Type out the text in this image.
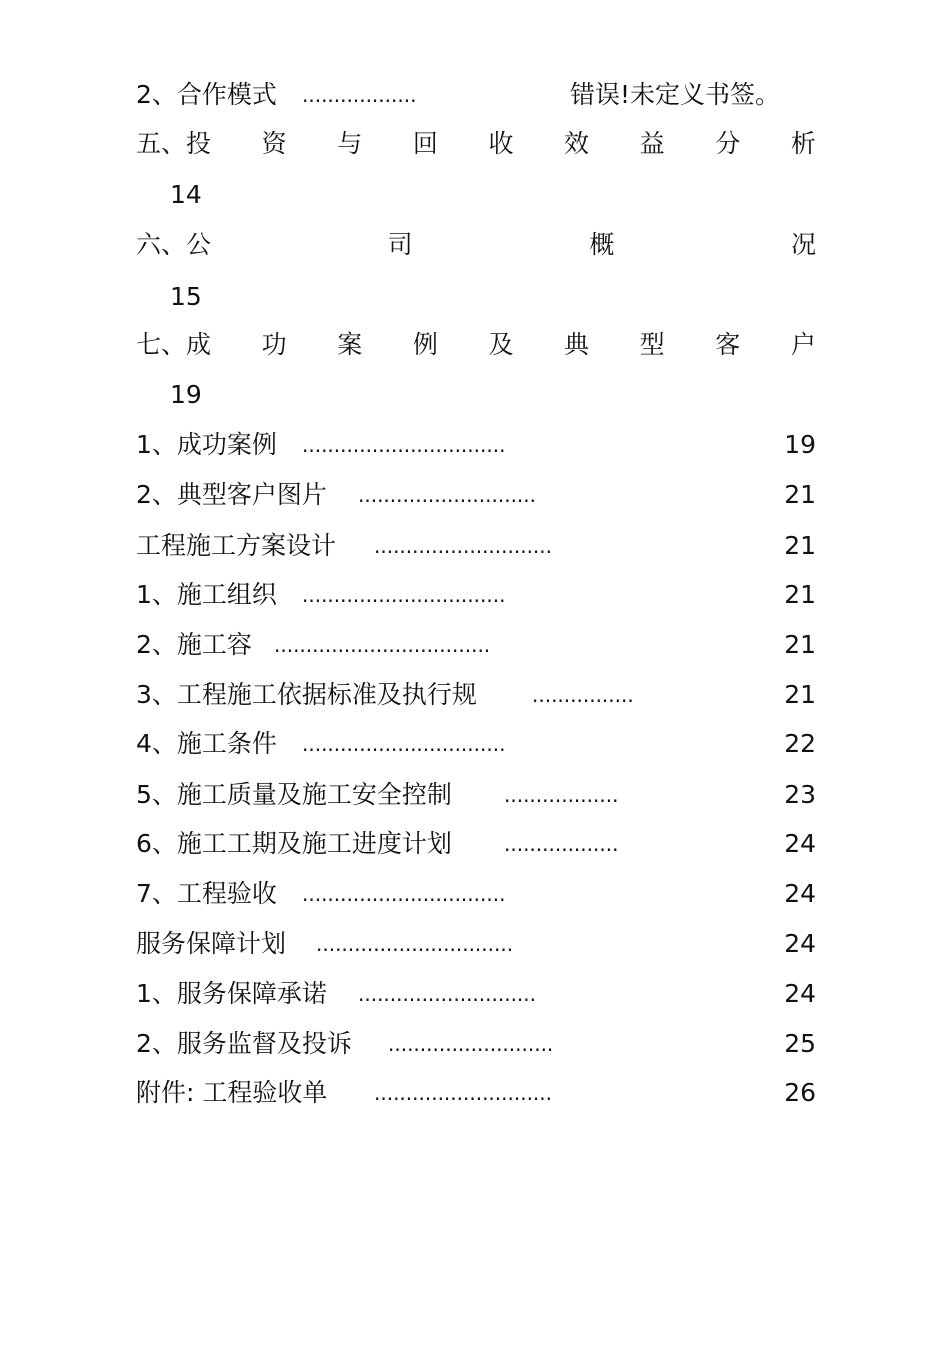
2、合作模式 ..................	错误!未定义书签。
五、投 资 与 回 收 效 益 分 析
14
六、公	司	概	况
15
七、成 功 案 例 及 典 型 客 户
19
1、成功案例 ................................	19
2、典型客户图片 ............................	21
工程施工方案设计 ............................	21
1、施工组织 ................................	21
2、施工容 ..................................	21
3、工程施工依据标准及执行规	................	21
4、施工条件 ................................	22
5、施工质量及施工安全控制	..................	23
6、施工工期及施工进度计划	..................	24
7、工程验收 ................................	24
服务保障计划 ...............................	24
1、服务保障承诺 ............................	24
2、服务监督及投诉 ..........................	25
附件: 工程验收单 ............................	26
